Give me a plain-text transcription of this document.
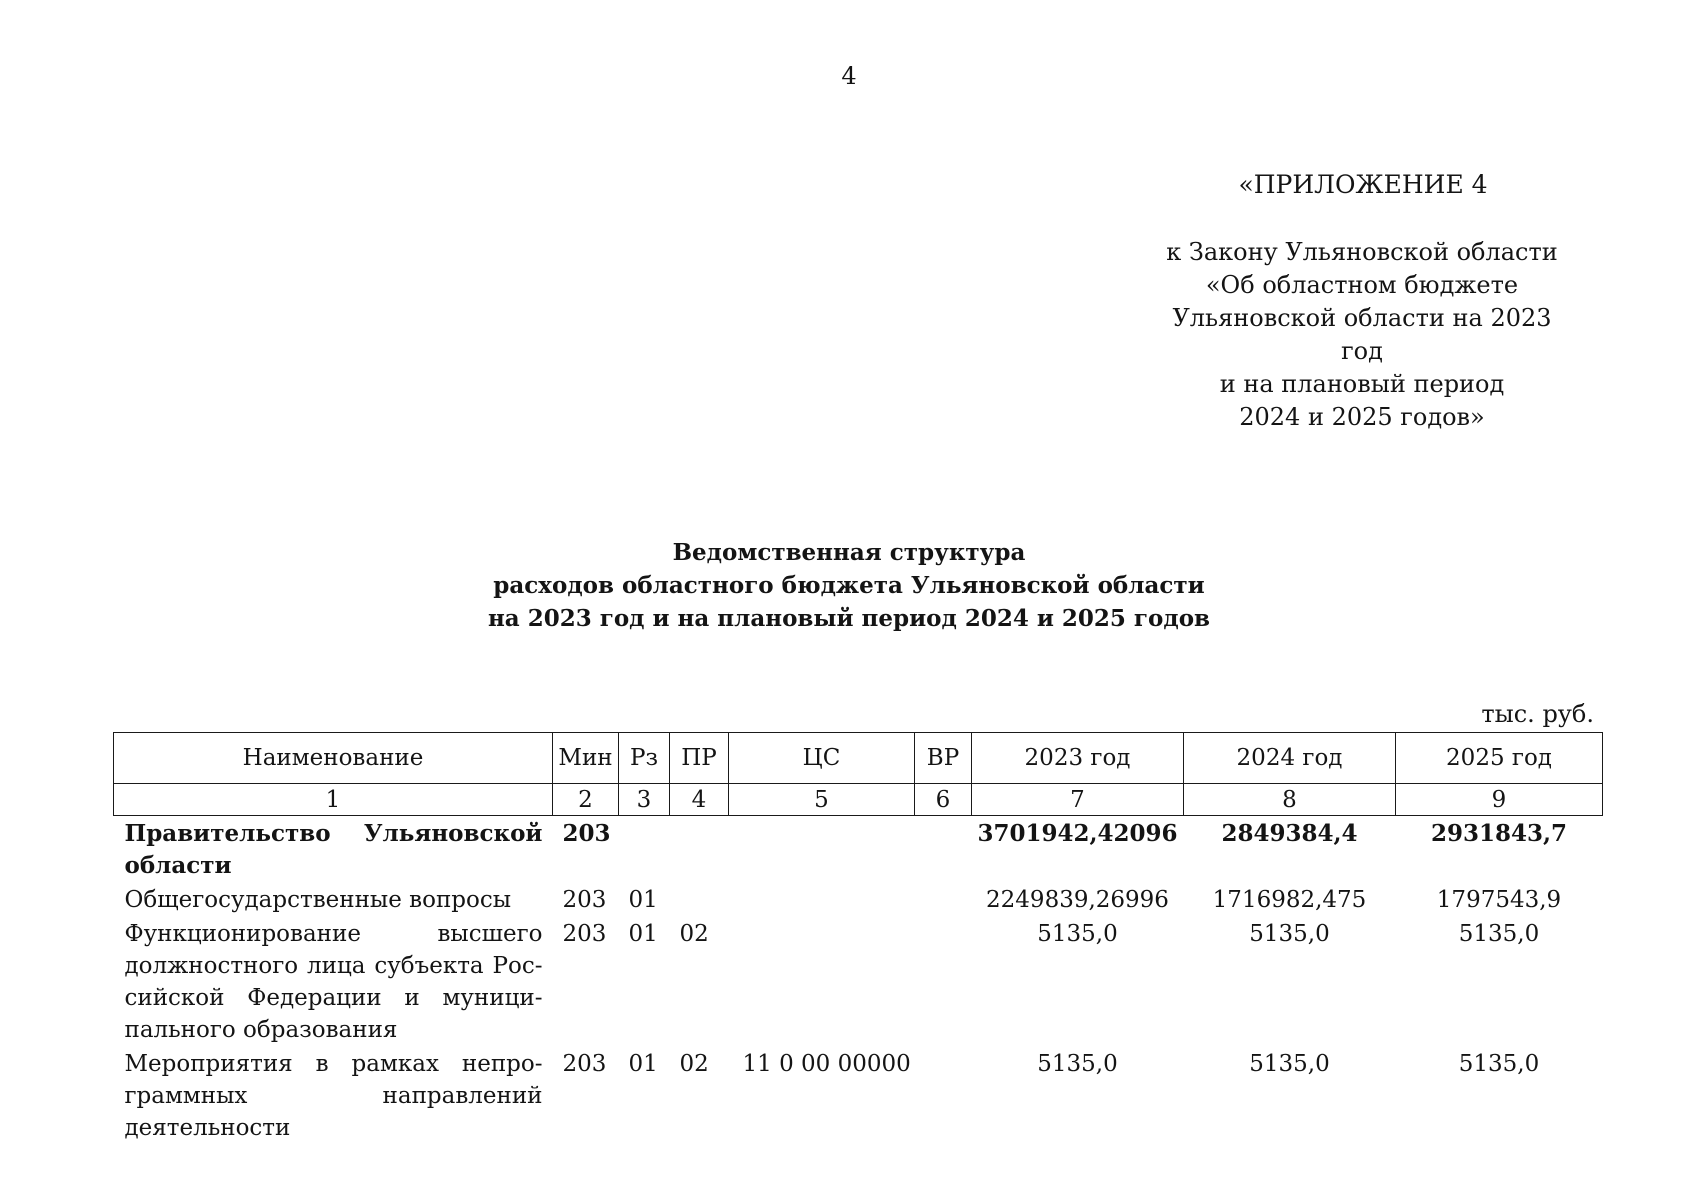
4
«ПРИЛОЖЕНИЕ 4
к Закону Ульяновской области
«Об областном бюджете
Ульяновской области на 2023 год
и на плановый период
2024 и 2025 годов»
Ведомственная структура
расходов областного бюджета Ульяновской области
на 2023 год и на плановый период 2024 и 2025 годов
тыс. руб.
Наименование	Мин	Рз	ПР	ЦС	ВР	2023 год	2024 год	2025 год
1	2	3	4	5	6	7	8	9
Правительство Ульяновской области	203					3701942,42096	2849384,4	2931843,7
Общегосударственные вопросы	203	01				2249839,26996	1716982,475	1797543,9
Функционирование высшего должностного лица субъекта Российской Федерации и муниципального образования	203	01	02			5135,0	5135,0	5135,0
Мероприятия в рамках непрограммных направлений деятельности	203	01	02	11 0 00 00000		5135,0	5135,0	5135,0
